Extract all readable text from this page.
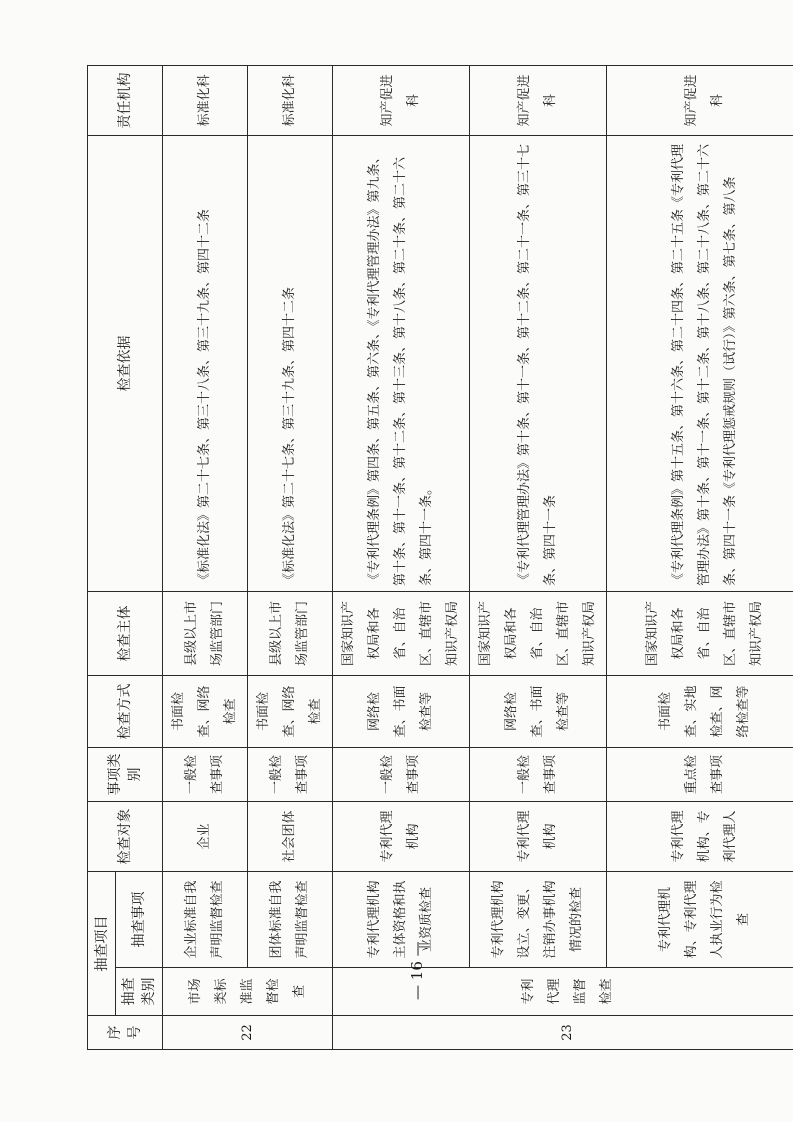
序号	抽查项目		检查对象	事项类别	检查方式	检查主体	检查依据	责任机构
	抽查类别	抽查事项						
22	市场类标准监督检查	企业标准自我声明监督检查	企业	一般检查事项	书面检查、网络检查	县级以上市场监管部门	《标准化法》第二十七条、第三十八条、第三十九条、第四十二条	标准化科
		团体标准自我声明监督检查	社会团体	一般检查事项	书面检查、网络检查	县级以上市场监管部门	《标准化法》第二十七条、第三十九条、第四十二条	标准化科
23	专利代理监督检查	专利代理机构主体资格和执业资质检查	专利代理机构	一般检查事项	网络检查、书面检查等	国家知识产权局和各省、自治区、直辖市知识产权局	《专利代理条例》第四条、第五条、第六条、《专利代理管理办法》第九条、第十条、第十一条、第十二条、第十三条、第十八条、第二十条、第二十六条、第四十一条。	知产促进科
		专利代理机构设立、变更、注销办事机构情况的检查	专利代理机构	一般检查事项	网络检查、书面检查等	国家知识产权局和各省、自治区、直辖市知识产权局	《专利代理管理办法》第十条、第十一条、第十二条、第二十一条、第三十七条、第四十一条	知产促进科
		专利代理机构、专利代理人执业行为检查	专利代理机构、专利代理人	重点检查事项	书面检查、实地检查、网络检查等	国家知识产权局和各省、自治区、直辖市知识产权局	《专利代理条例》第十五条、第十六条、第二十四条、第二十五条《专利代理管理办法》第十条、第十一条、第十二条、第十八条、第二十八条、第二十六条、第四十一条《专利代理惩戒规则（试行）》第六条、第七条、第八条	知产促进科
— 16 —
